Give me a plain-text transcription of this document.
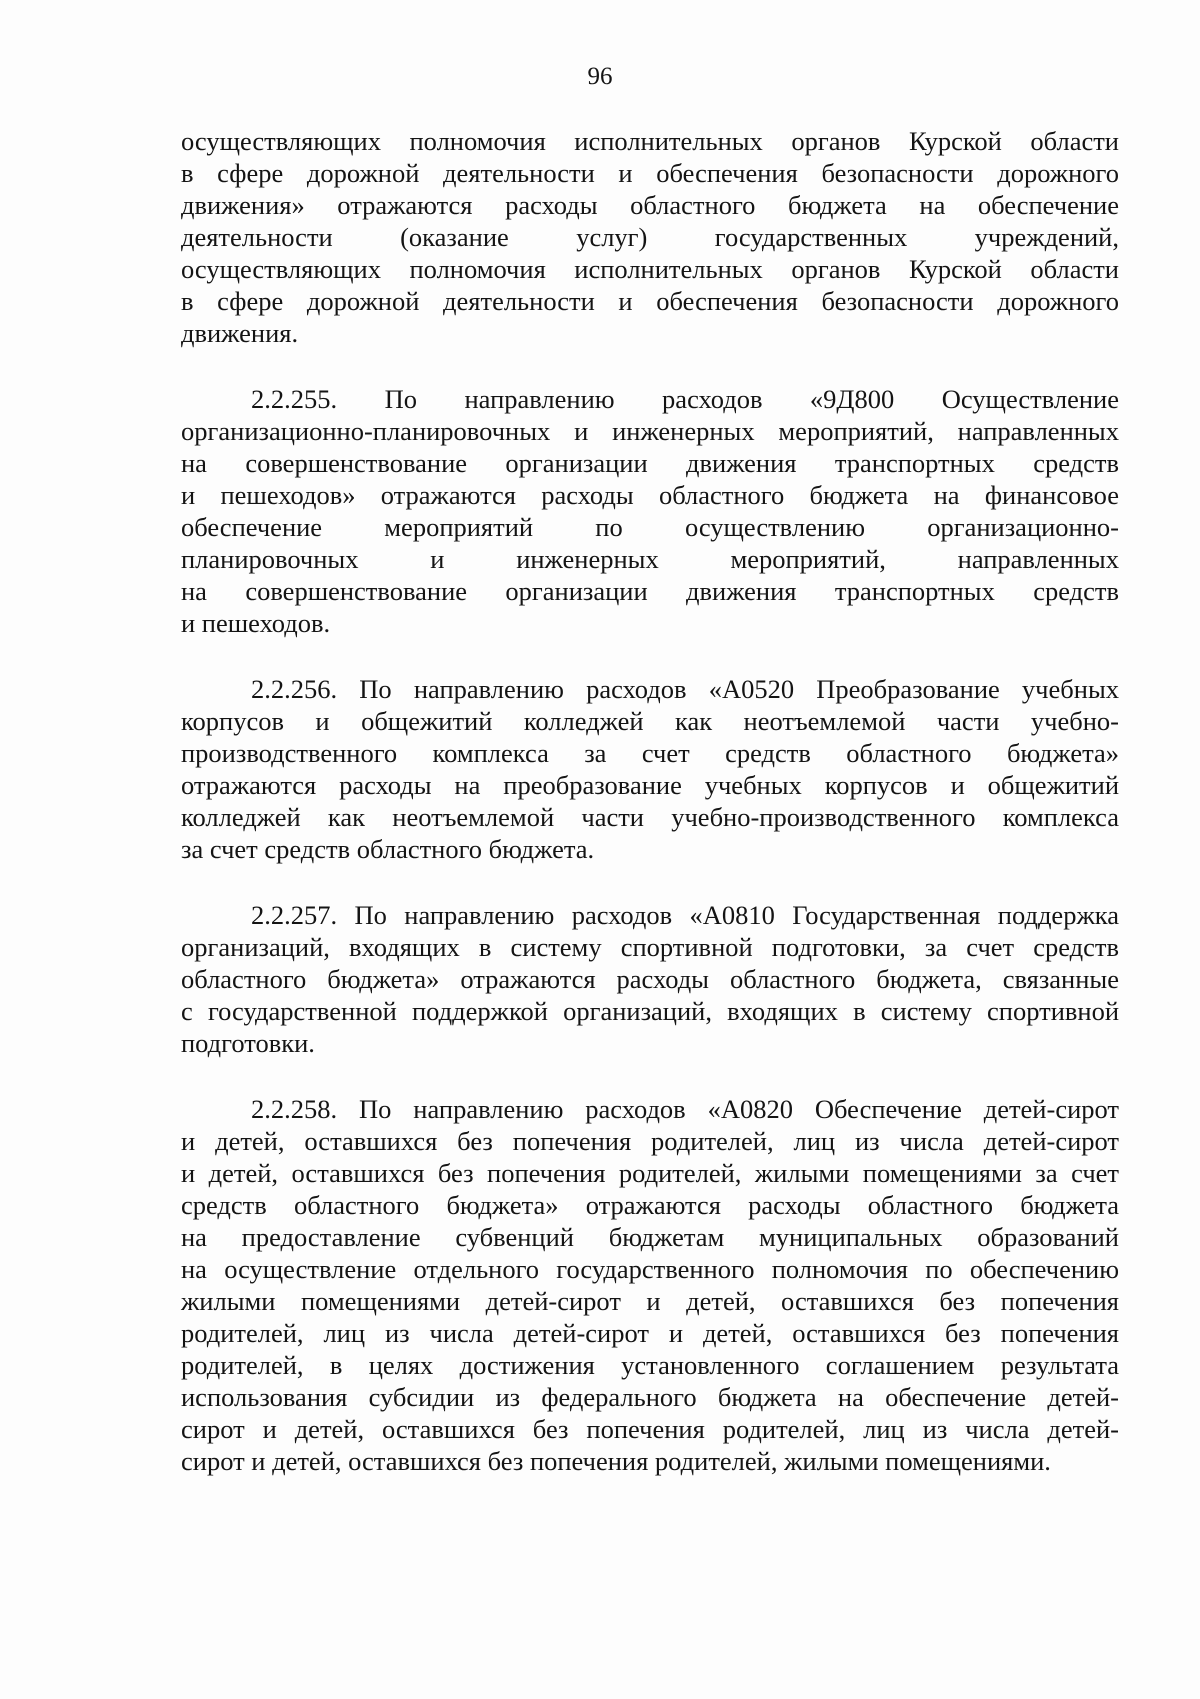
96

осуществляющих полномочия исполнительных органов Курской области
в сфере дорожной деятельности и обеспечения безопасности дорожного
движения» отражаются расходы областного бюджета на обеспечение
деятельности (оказание услуг) государственных учреждений,
осуществляющих полномочия исполнительных органов Курской области
в сфере дорожной деятельности и обеспечения безопасности дорожного
движения.

2.2.255. По направлению расходов «9Д800 Осуществление
организационно-планировочных и инженерных мероприятий, направленных
на совершенствование организации движения транспортных средств
и пешеходов» отражаются расходы областного бюджета на финансовое
обеспечение мероприятий по осуществлению организационно-
планировочных и инженерных мероприятий, направленных
на совершенствование организации движения транспортных средств
и пешеходов.

2.2.256. По направлению расходов «А0520 Преобразование учебных
корпусов и общежитий колледжей как неотъемлемой части учебно-
производственного комплекса за счет средств областного бюджета»
отражаются расходы на преобразование учебных корпусов и общежитий
колледжей как неотъемлемой части учебно-производственного комплекса
за счет средств областного бюджета.

2.2.257. По направлению расходов «А0810 Государственная поддержка
организаций, входящих в систему спортивной подготовки, за счет средств
областного бюджета» отражаются расходы областного бюджета, связанные
с государственной поддержкой организаций, входящих в систему спортивной
подготовки.

2.2.258. По направлению расходов «А0820 Обеспечение детей-сирот
и детей, оставшихся без попечения родителей, лиц из числа детей-сирот
и детей, оставшихся без попечения родителей, жилыми помещениями за счет
средств областного бюджета» отражаются расходы областного бюджета
на предоставление субвенций бюджетам муниципальных образований
на осуществление отдельного государственного полномочия по обеспечению
жилыми помещениями детей-сирот и детей, оставшихся без попечения
родителей, лиц из числа детей-сирот и детей, оставшихся без попечения
родителей, в целях достижения установленного соглашением результата
использования субсидии из федерального бюджета на обеспечение детей-
сирот и детей, оставшихся без попечения родителей, лиц из числа детей-
сирот и детей, оставшихся без попечения родителей, жилыми помещениями.
